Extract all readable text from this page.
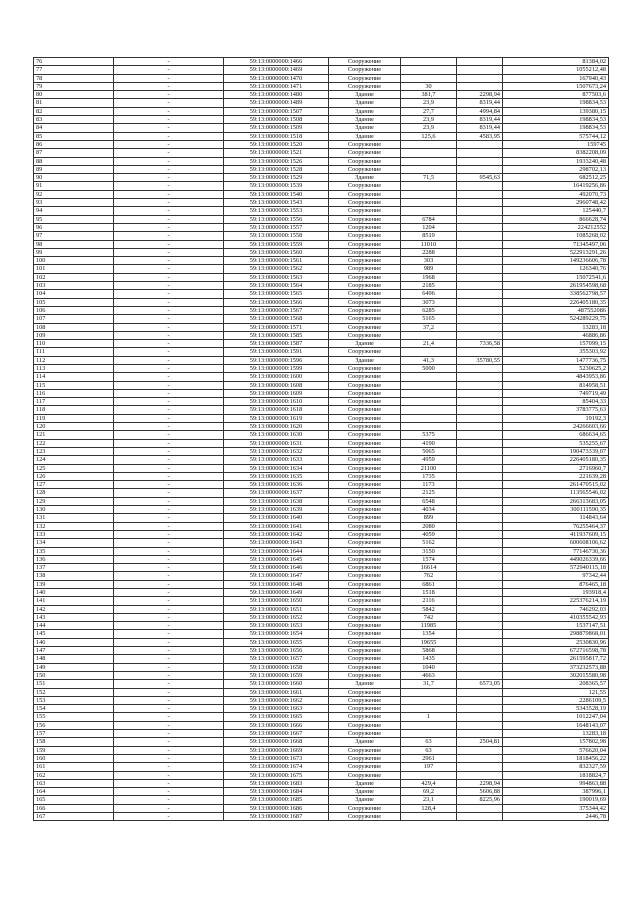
76	-	59:13:0000000:1466	Сооружение			81384,02
77	-	59:13:0000000:1469	Сооружение			1055212,48
78	-	59:13:0000000:1470	Сооружение			167940,43
79	-	59:13:0000000:1471	Сооружение	30		1507673,24
80	-	59:13:0000000:1480	Здание	381,7	2298,94	877503,6
81	-	59:13:0000000:1489	Здание	23,9	8319,44	198834,53
82	-	59:13:0000000:1507	Здание	27,7	4994,84	139380,15
83	-	59:13:0000000:1508	Здание	23,9	8319,44	198834,53
84	-	59:13:0000000:1509	Здание	23,9	8319,44	198834,53
85	-	59:13:0000000:1518	Здание	125,6	4583,95	575744,12
86	-	59:13:0000000:1520	Сооружение			159745
87	-	59:13:0000000:1521	Сооружение			8382208,09
88	-	59:13:0000000:1526	Сооружение			1933240,48
89	-	59:13:0000000:1528	Сооружение			298702,13
90	-	59:13:0000000:1529	Здание	71,5	9545,63	682512,25
91	-	59:13:0000000:1539	Сооружение			16419256,86
92	-	59:13:0000000:1540	Сооружение			492070,73
93	-	59:13:0000000:1543	Сооружение			2960748,42
94	-	59:13:0000000:1553	Сооружение			125440,7
95	-	59:13:0000000:1556	Сооружение	6784		866628,74
96	-	59:13:0000000:1557	Сооружение	1204		224212552
97	-	59:13:0000000:1558	Сооружение	8519		1085268,02
98	-	59:13:0000000:1559	Сооружение	11010		71345497,06
99	-	59:13:0000000:1560	Сооружение	2288		522913291,26
100	-	59:13:0000000:1561	Сооружение	303		149236606,78
101	-	59:13:0000000:1562	Сооружение	989		126340,76
102	-	59:13:0000000:1563	Сооружение	1968		15072541,6
103	-	59:13:0000000:1564	Сооружение	2185		261954598,68
104	-	59:13:0000000:1565	Сооружение	6496		338562798,57
105	-	59:13:0000000:1566	Сооружение	3073		226405180,35
106	-	59:13:0000000:1567	Сооружение	6285		487552086
107	-	59:13:0000000:1568	Сооружение	5165		524289229,75
108	-	59:13:0000000:1571	Сооружение	37,2		13283,18
109	-	59:13:0000000:1585	Сооружение			46886,86
110	-	59:13:0000000:1587	Здание	21,4	7336,58	157099,15
111	-	59:13:0000000:1591	Сооружение			355303,92
112	-	59:13:0000000:1596	Здание	41,3	35780,55	1477736,75
113	-	59:13:0000000:1599	Сооружение	5000		5230625,2
114	-	59:13:0000000:1600	Сооружение			4843953,86
115	-	59:13:0000000:1608	Сооружение			814958,51
116	-	59:13:0000000:1609	Сооружение			749719,49
117	-	59:13:0000000:1610	Сооружение			85404,33
118	-	59:13:0000000:1618	Сооружение			3783775,63
119	-	59:13:0000000:1619	Сооружение			19192,3
120	-	59:13:0000000:1620	Сооружение			24266603,66
121	-	59:13:0000000:1630	Сооружение	5375		686634,65
122	-	59:13:0000000:1631	Сооружение	4190		535255,67
123	-	59:13:0000000:1632	Сооружение	5065		190473339,07
124	-	59:13:0000000:1633	Сооружение	4959		226405180,35
125	-	59:13:0000000:1634	Сооружение	21100		2716960,7
126	-	59:13:0000000:1635	Сооружение	1735		221639,28
127	-	59:13:0000000:1636	Сооружение	1173		261470515,02
128	-	59:13:0000000:1637	Сооружение	2125		113565546,02
129	-	59:13:0000000:1638	Сооружение	6548		266313683,05
130	-	59:13:0000000:1639	Сооружение	4034		300111590,35
131	-	59:13:0000000:1640	Сооружение	899		114843,64
132	-	59:13:0000000:1641	Сооружение	2080		76255464,37
133	-	59:13:0000000:1642	Сооружение	4059		411937609,15
134	-	59:13:0000000:1643	Сооружение	5162		600608106,62
135	-	59:13:0000000:1644	Сооружение	3150		77146730,36
136	-	59:13:0000000:1645	Сооружение	1574		449026339,66
137	-	59:13:0000000:1646	Сооружение	16614		572940115,18
138	-	59:13:0000000:1647	Сооружение	762		97342,44
139	-	59:13:0000000:1648	Сооружение	6861		876465,18
140	-	59:13:0000000:1649	Сооружение	1518		193918,4
141	-	59:13:0000000:1650	Сооружение	2116		225376214,19
142	-	59:13:0000000:1651	Сооружение	5842		746292,03
143	-	59:13:0000000:1652	Сооружение	742		410355542,93
144	-	59:13:0000000:1653	Сооружение	11985		1537147,51
145	-	59:13:0000000:1654	Сооружение	1354		298879868,01
146	-	59:13:0000000:1655	Сооружение	19655		2530830,96
147	-	59:13:0000000:1656	Сооружение	5868		672716598,78
148	-	59:13:0000000:1657	Сооружение	1435		261595817,72
149	-	59:13:0000000:1658	Сооружение	1040		373232573,88
150	-	59:13:0000000:1659	Сооружение	4663		302015580,98
151	-	59:13:0000000:1660	Здание	31,7	6573,05	208365,57
152	-	59:13:0000000:1661	Сооружение			121,55
153	-	59:13:0000000:1662	Сооружение			2286109,5
154	-	59:13:0000000:1663	Сооружение			5343528,19
155	-	59:13:0000000:1665	Сооружение	1		1012247,04
156	-	59:13:0000000:1666	Сооружение			1648143,07
157	-	59:13:0000000:1667	Сооружение			13283,18
158	-	59:13:0000000:1668	Здание	63	2504,81	157802,98
159	-	59:13:0000000:1669	Сооружение	63		576620,04
160	-	59:13:0000000:1673	Сооружение	2961		1818456,22
161	-	59:13:0000000:1674	Сооружение	197		832327,59
162	-	59:13:0000000:1675	Сооружение			1818824,7
163	-	59:13:0000000:1683	Здание	429,4	2298,94	994863,88
164	-	59:13:0000000:1684	Здание	69,2	5606,88	387996,1
165	-	59:13:0000000:1685	Здание	23,1	8225,96	190019,69
166	-	59:13:0000000:1686	Сооружение	128,4		375344,42
167	-	59:13:0000000:1687	Сооружение			2446,78
